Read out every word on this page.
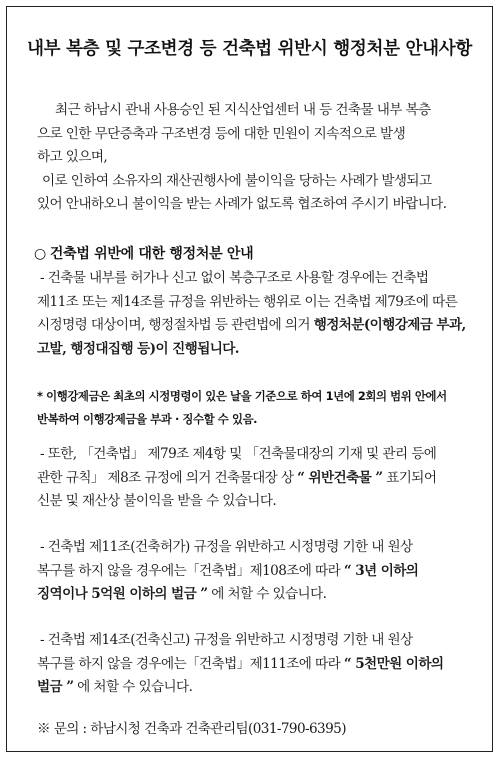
내부 복층 및 구조변경 등 건축법 위반시 행정처분 안내사항
최근 하남시 관내 사용승인 된 지식산업센터 내 등 건축물 내부 복층
으로 인한 무단증축과 구조변경 등에 대한 민원이 지속적으로 발생
하고 있으며,
이로 인하여 소유자의 재산권행사에 불이익을 당하는 사례가 발생되고
있어 안내하오니 불이익을 받는 사례가 없도록 협조하여 주시기 바랍니다.
○ 건축법 위반에 대한 행정처분 안내
- 건축물 내부를 허가나 신고 없이 복층구조로 사용할 경우에는 건축법
제11조 또는 제14조를 규정을 위반하는 행위로 이는 건축법 제79조에 따른
시정명령 대상이며, 행정절차법 등 관련법에 의거 행정처분(이행강제금 부과,
고발, 행정대집행 등)이 진행됩니다.
* 이행강제금은 최초의 시정명령이 있은 날을 기준으로 하여 1년에 2회의 범위 안에서
반복하여 이행강제금을 부과 · 징수할 수 있음.
- 또한, 「건축법」 제79조 제4항 및 「건축물대장의 기재 및 관리 등에
관한 규칙」 제8조 규정에 의거 건축물대장 상 “ 위반건축물 ” 표기되어
신분 및 재산상 불이익을 받을 수 있습니다.
- 건축법 제11조(건축허가) 규정을 위반하고 시정명령 기한 내 원상
복구를 하지 않을 경우에는「건축법」제108조에 따라 “ 3년 이하의
징역이나 5억원 이하의 벌금 ” 에 처할 수 있습니다.
- 건축법 제14조(건축신고) 규정을 위반하고 시정명령 기한 내 원상
복구를 하지 않을 경우에는「건축법」제111조에 따라 “ 5천만원 이하의
벌금 ” 에 처할 수 있습니다.
※ 문의 : 하남시청 건축과 건축관리팀(031-790-6395)
